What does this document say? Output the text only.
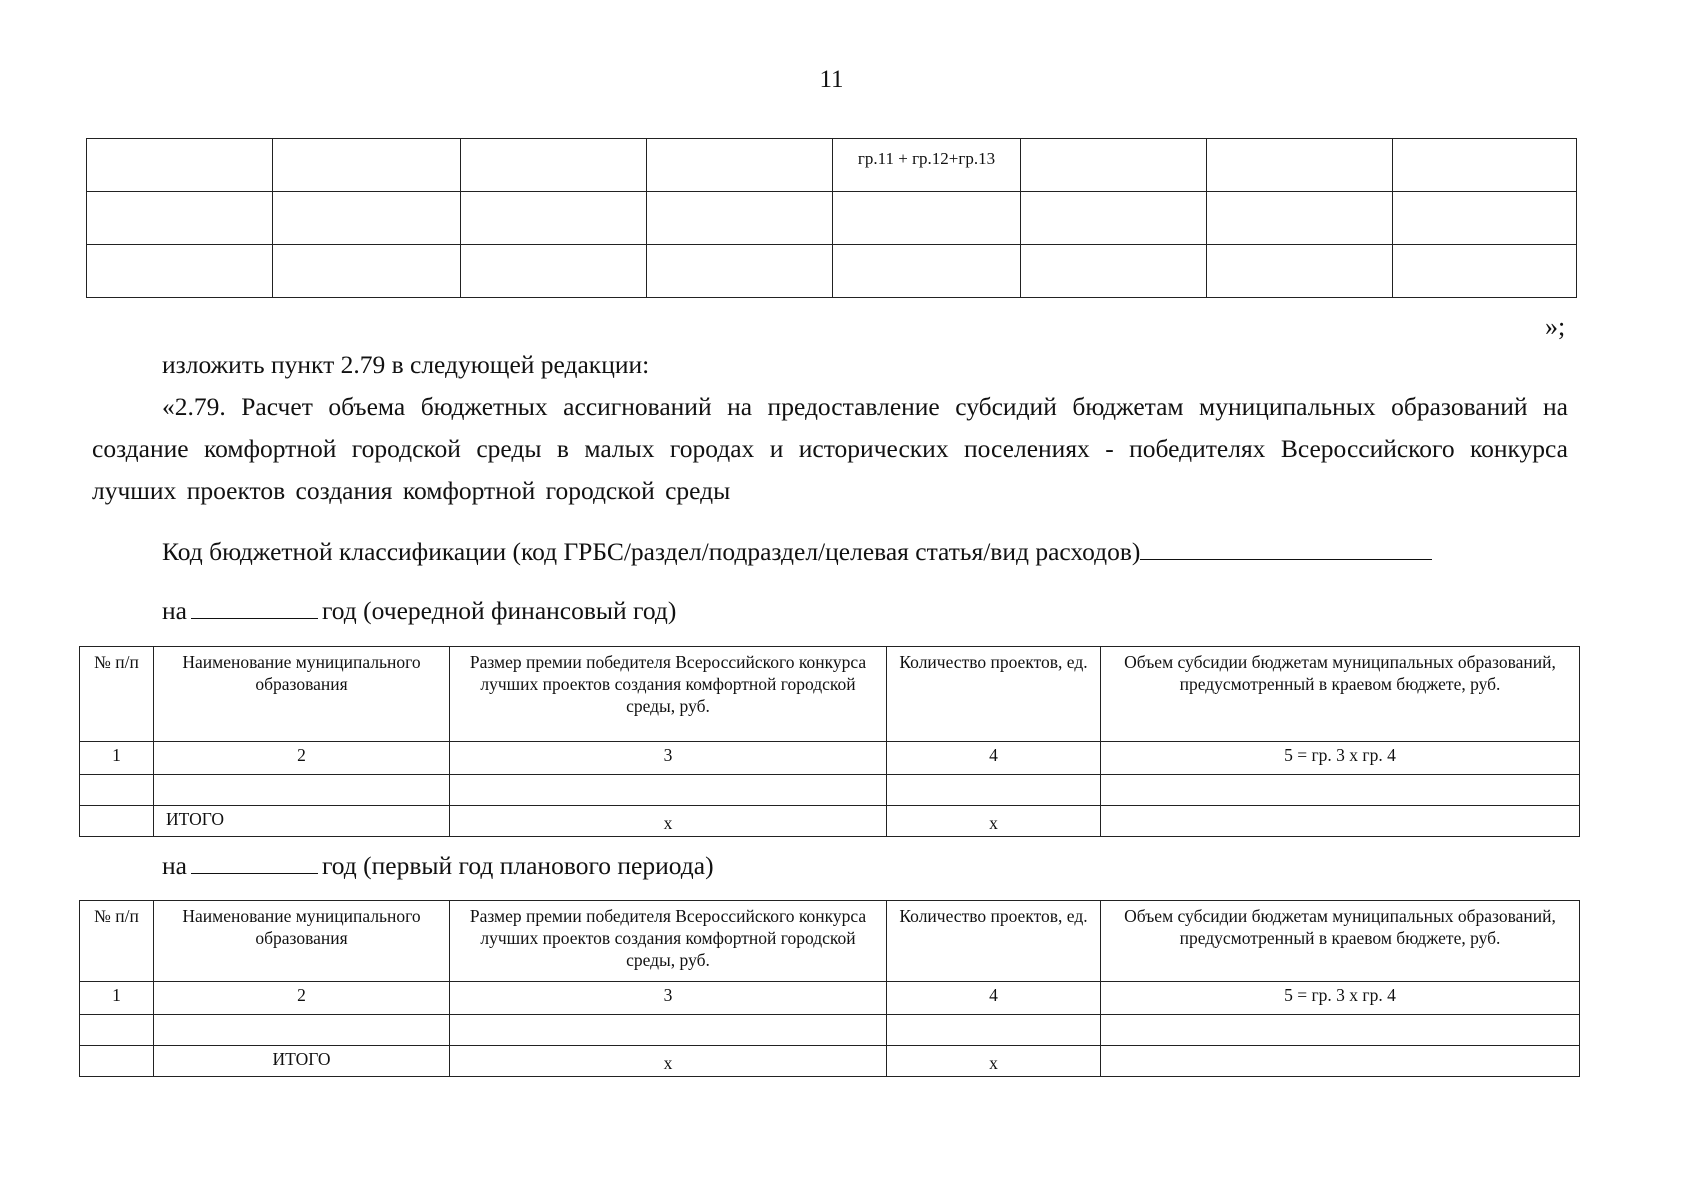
11

				гр.11 + гр.12+гр.13			

»;
изложить пункт 2.79 в следующей редакции:
«2.79. Расчет объема бюджетных ассигнований на предоставление субсидий бюджетам муниципальных образований на создание комфортной городской среды в малых городах и исторических поселениях - победителях Всероссийского конкурса лучших проектов создания комфортной городской среды
Код бюджетной классификации (код ГРБС/раздел/подраздел/целевая статья/вид расходов)
на	год (очередной финансовый год)
№ п/п	Наименование муниципального образования	Размер премии победителя Всероссийского конкурса лучших проектов создания комфортной городской среды, руб.	Количество проектов, ед.	Объем субсидии бюджетам муниципальных образований, предусмотренный в краевом бюджете, руб.
1	2	3	4	5 = гр. 3 х гр. 4

	ИТОГО	х	х	
на	год (первый год планового периода)
№ п/п	Наименование муниципального образования	Размер премии победителя Всероссийского конкурса лучших проектов создания комфортной городской среды, руб.	Количество проектов, ед.	Объем субсидии бюджетам муниципальных образований, предусмотренный в краевом бюджете, руб.
1	2	3	4	5 = гр. 3 х гр. 4

	ИТОГО	х	х	
